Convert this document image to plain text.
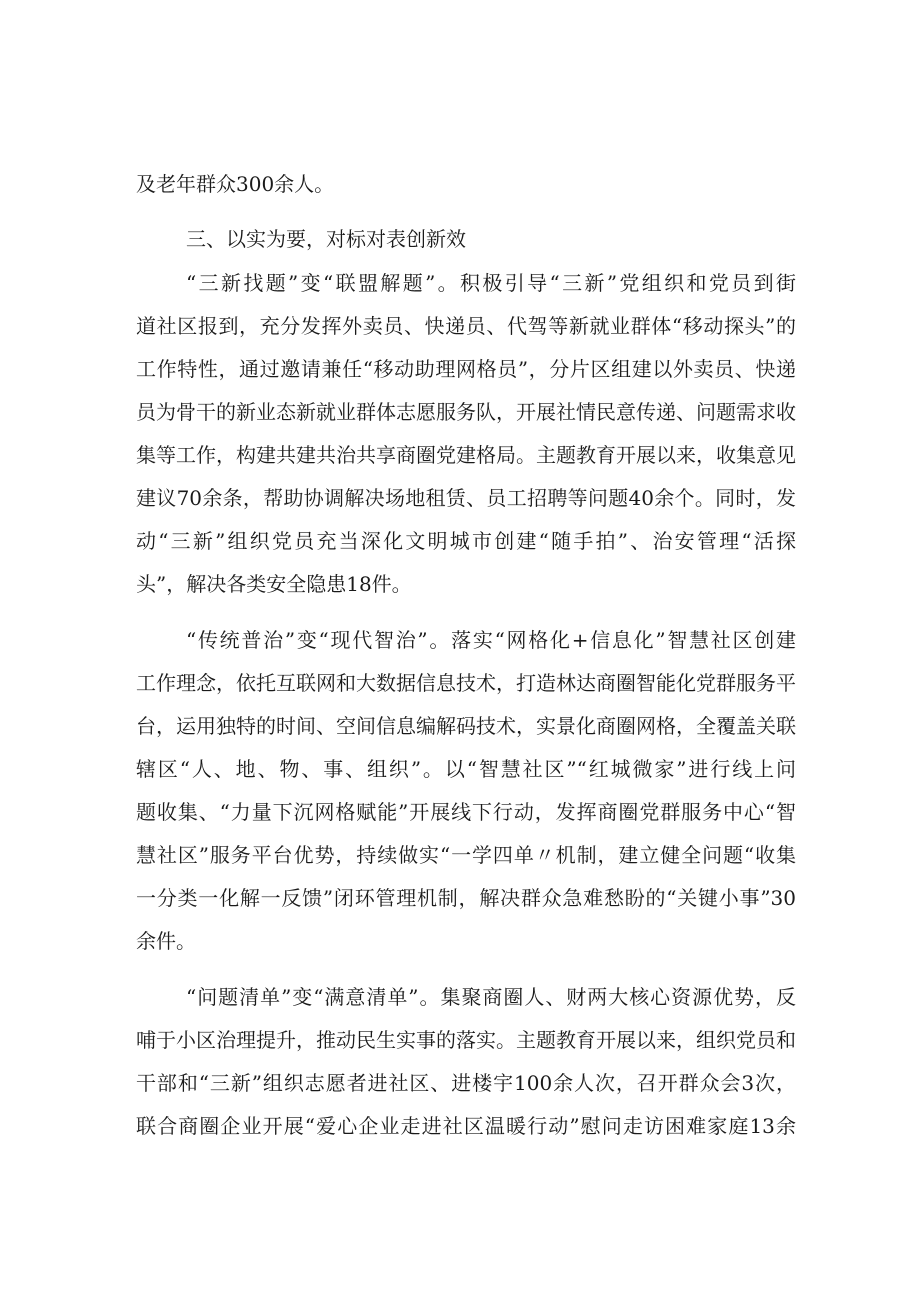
及老年群众300余人。
三、以实为要，对标对表创新效
“三新找题”变“联盟解题”。积极引导“三新”党组织和党员到街
道社区报到，充分发挥外卖员、快递员、代驾等新就业群体“移动探头”的
工作特性，通过邀请兼任“移动助理网格员”，分片区组建以外卖员、快递
员为骨干的新业态新就业群体志愿服务队，开展社情民意传递、问题需求收
集等工作，构建共建共治共享商圈党建格局。主题教育开展以来，收集意见
建议70余条，帮助协调解决场地租赁、员工招聘等问题40余个。同时，发
动“三新”组织党员充当深化文明城市创建“随手拍”、治安管理“活探
头”，解决各类安全隐患18件。
“传统普治”变“现代智治”。落实“网格化+信息化”智慧社区创建
工作理念，依托互联网和大数据信息技术，打造林达商圈智能化党群服务平
台，运用独特的时间、空间信息编解码技术，实景化商圈网格，全覆盖关联
辖区“人、地、物、事、组织”。以“智慧社区”“红城微家”进行线上问
题收集、“力量下沉网格赋能”开展线下行动，发挥商圈党群服务中心“智
慧社区”服务平台优势，持续做实“一学四单〃机制，建立健全问题“收集
一分类一化解一反馈”闭环管理机制，解决群众急难愁盼的“关键小事”30
余件。
“问题清单”变“满意清单”。集聚商圈人、财两大核心资源优势，反
哺于小区治理提升，推动民生实事的落实。主题教育开展以来，组织党员和
干部和“三新”组织志愿者进社区、进楼宇100余人次，召开群众会3次，
联合商圈企业开展“爱心企业走进社区温暖行动”慰问走访困难家庭13余
